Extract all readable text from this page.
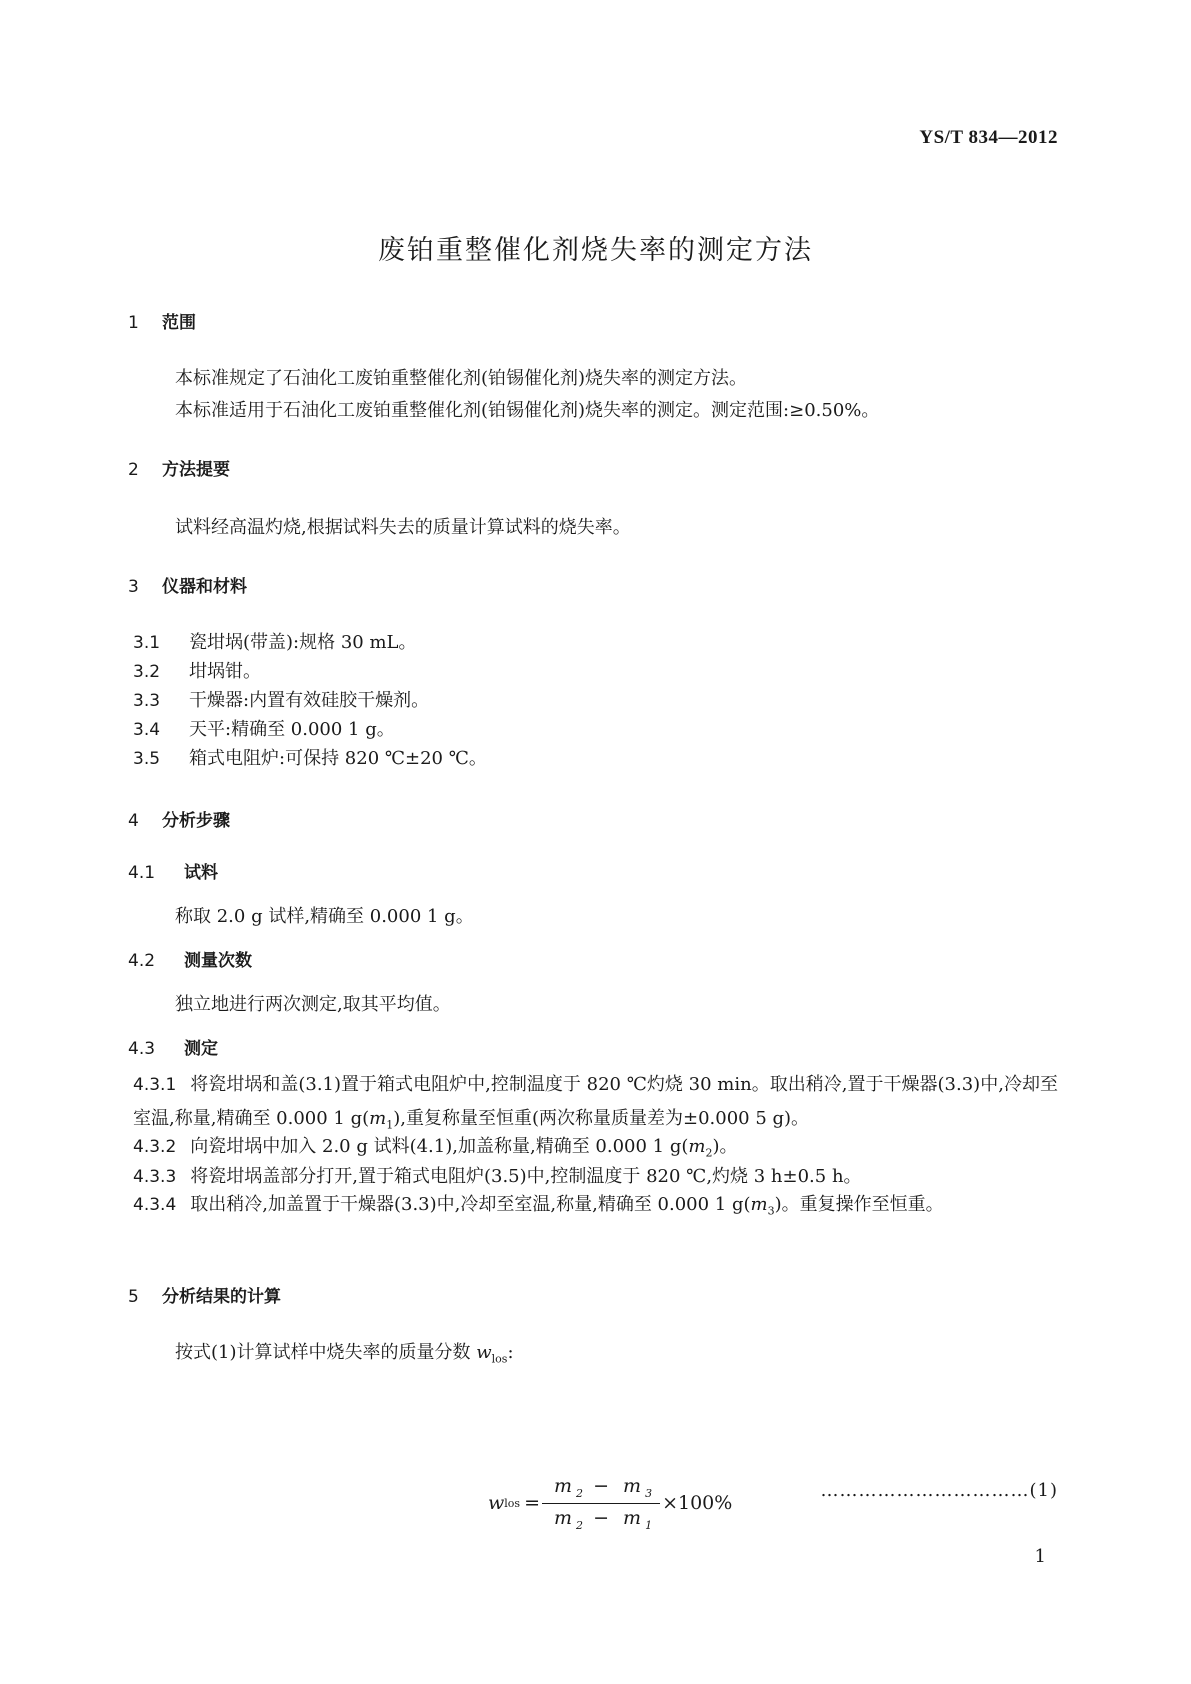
YS/T 834—2012
废铂重整催化剂烧失率的测定方法
1 范围
本标准规定了石油化工废铂重整催化剂(铂锡催化剂)烧失率的测定方法。
本标准适用于石油化工废铂重整催化剂(铂锡催化剂)烧失率的测定。测定范围:≥0.50%。
2 方法提要
试料经高温灼烧,根据试料失去的质量计算试料的烧失率。
3 仪器和材料
3.1 瓷坩埚(带盖):规格 30 mL。
3.2 坩埚钳。
3.3 干燥器:内置有效硅胶干燥剂。
3.4 天平:精确至 0.000 1 g。
3.5 箱式电阻炉:可保持 820 ℃±20 ℃。
4 分析步骤
4.1 试料
称取 2.0 g 试样,精确至 0.000 1 g。
4.2 测量次数
独立地进行两次测定,取其平均值。
4.3 测定
4.3.1 将瓷坩埚和盖(3.1)置于箱式电阻炉中,控制温度于 820 ℃灼烧 30 min。取出稍冷,置于干燥器(3.3)中,冷却至室温,称量,精确至 0.000 1 $g(m_1)$,重复称量至恒重(两次称量质量差为±0.000 5 g)。
4.3.2 向瓷坩埚中加入 2.0 g 试料(4.1),加盖称量,精确至 0.000 1 $g(m_2)$。
4.3.3 将瓷坩埚盖部分打开,置于箱式电阻炉(3.5)中,控制温度于 820 ℃,灼烧 3 h±0.5 h。
4.3.4 取出稍冷,加盖置于干燥器(3.3)中,冷却至室温,称量,精确至 0.000 1 $g(m_3)$。重复操作至恒重。
5 分析结果的计算
按式(1)计算试样中烧失率的质量分数 $w_{los}$:
w los = $\frac{m _2 - m _3}{m _2 - m _1} \times 100\%$
……………………………(1)
1
